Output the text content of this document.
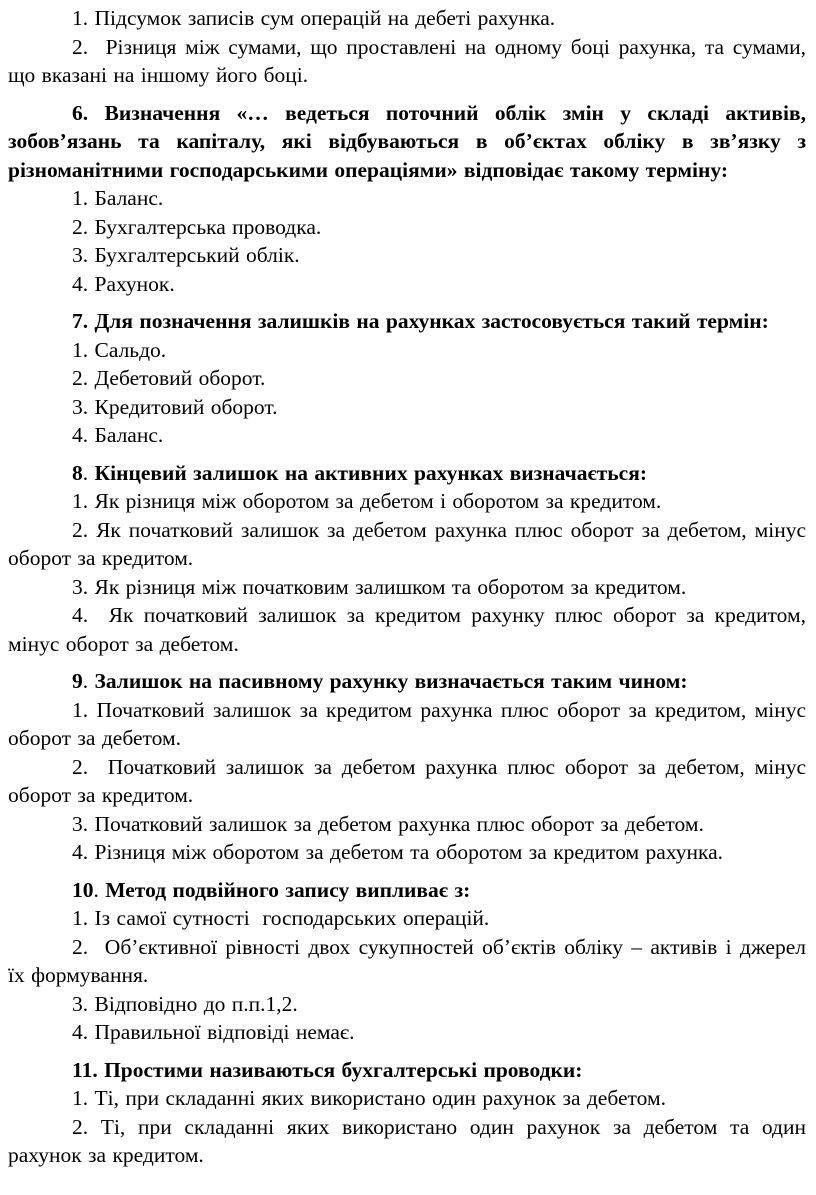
1. Підсумок записів сум операцій на дебеті рахунка.

2.  Різниця між сумами, що проставлені на одному боці рахунка, та сумами, що вказані на іншому його боці.

6. Визначення «… ведеться поточний облік змін у складі активів, зобов’язань та капіталу, які відбуваються в об’єктах обліку в зв’язку з різноманітними господарськими операціями» відповідає такому терміну:

1. Баланс.

2. Бухгалтерська проводка.

3. Бухгалтерський облік.

4. Рахунок.

7. Для позначення залишків на рахунках застосовується такий термін:

1. Сальдо.

2. Дебетовий оборот.

3. Кредитовий оборот.

4. Баланс.

8. Кінцевий залишок на активних рахунках визначається:

1. Як різниця між оборотом за дебетом і оборотом за кредитом.

2. Як початковий залишок за дебетом рахунка плюс оборот за дебетом, мінус оборот за кредитом.

3. Як різниця між початковим залишком та оборотом за кредитом.

4.  Як початковий залишок за кредитом рахунку плюс оборот за кредитом, мінус оборот за дебетом.

9. Залишок на пасивному рахунку визначається таким чином:

1. Початковий залишок за кредитом рахунка плюс оборот за кредитом, мінус оборот за дебетом.

2.  Початковий залишок за дебетом рахунка плюс оборот за дебетом, мінус оборот за кредитом.

3. Початковий залишок за дебетом рахунка плюс оборот за дебетом.

4. Різниця між оборотом за дебетом та оборотом за кредитом рахунка.

10. Метод подвійного запису випливає з:

1. Із самої сутності  господарських операцій.

2.  Об’єктивної рівності двох сукупностей об’єктів обліку – активів і джерел їх формування.

3. Відповідно до п.п.1,2.

4. Правильної відповіді немає.

11. Простими називаються бухгалтерські проводки:

1. Ті, при складанні яких використано один рахунок за дебетом.

2. Ті, при складанні яких використано один рахунок за дебетом та один рахунок за кредитом.
